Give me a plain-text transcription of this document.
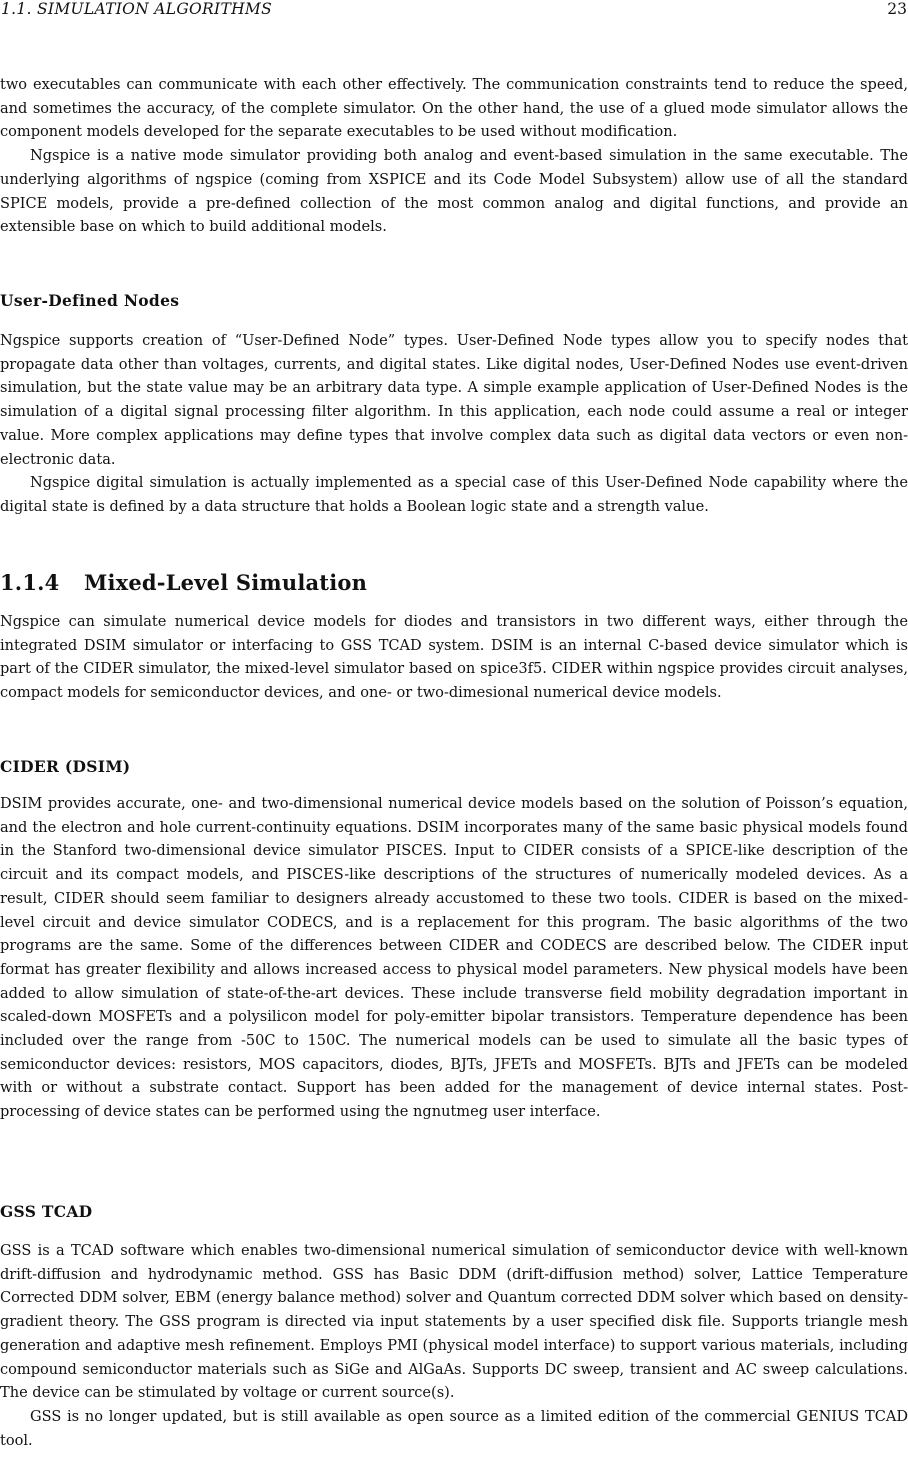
1.1. SIMULATION ALGORITHMS	23

two executables can communicate with each other effectively. The communication constraints tend to reduce the speed, and sometimes the accuracy, of the complete simulator. On the other hand, the use of a glued mode simulator allows the component models developed for the separate executables to be used without modification.

Ngspice is a native mode simulator providing both analog and event-based simulation in the same executable. The underlying algorithms of ngspice (coming from XSPICE and its Code Model Subsystem) allow use of all the standard SPICE models, provide a pre-defined collection of the most common analog and digital functions, and provide an extensible base on which to build additional models.

User-Defined Nodes

Ngspice supports creation of “User-Defined Node” types. User-Defined Node types allow you to specify nodes that propagate data other than voltages, currents, and digital states. Like digital nodes, User-Defined Nodes use event-driven simulation, but the state value may be an arbitrary data type. A simple example application of User-Defined Nodes is the simulation of a digital signal processing filter algorithm. In this application, each node could assume a real or integer value. More complex applications may define types that involve complex data such as digital data vectors or even non-electronic data.

Ngspice digital simulation is actually implemented as a special case of this User-Defined Node capability where the digital state is defined by a data structure that holds a Boolean logic state and a strength value.

1.1.4 Mixed-Level Simulation

Ngspice can simulate numerical device models for diodes and transistors in two different ways, either through the integrated DSIM simulator or interfacing to GSS TCAD system. DSIM is an internal C-based device simulator which is part of the CIDER simulator, the mixed-level simulator based on spice3f5. CIDER within ngspice provides circuit analyses, compact models for semiconductor devices, and one- or two-dimesional numerical device models.

CIDER (DSIM)

DSIM provides accurate, one- and two-dimensional numerical device models based on the solution of Poisson’s equation, and the electron and hole current-continuity equations. DSIM incorporates many of the same basic physical models found in the Stanford two-dimensional device simulator PISCES. Input to CIDER consists of a SPICE-like description of the circuit and its compact models, and PISCES-like descriptions of the structures of numerically modeled devices. As a result, CIDER should seem familiar to designers already accustomed to these two tools. CIDER is based on the mixed-level circuit and device simulator CODECS, and is a replacement for this program. The basic algorithms of the two programs are the same. Some of the differences between CIDER and CODECS are described below. The CIDER input format has greater flexibility and allows increased access to physical model parameters. New physical models have been added to allow simulation of state-of-the-art devices. These include transverse field mobility degradation important in scaled-down MOSFETs and a polysilicon model for poly-emitter bipolar transistors. Temperature dependence has been included over the range from -50C to 150C. The numerical models can be used to simulate all the basic types of semiconductor devices: resistors, MOS capacitors, diodes, BJTs, JFETs and MOSFETs. BJTs and JFETs can be modeled with or without a substrate contact. Support has been added for the management of device internal states. Post-processing of device states can be performed using the ngnutmeg user interface.

GSS TCAD

GSS is a TCAD software which enables two-dimensional numerical simulation of semiconductor device with well-known drift-diffusion and hydrodynamic method. GSS has Basic DDM (drift-diffusion method) solver, Lattice Temperature Corrected DDM solver, EBM (energy balance method) solver and Quantum corrected DDM solver which based on density-gradient theory. The GSS program is directed via input statements by a user specified disk file. Supports triangle mesh generation and adaptive mesh refinement. Employs PMI (physical model interface) to support various materials, including compound semiconductor materials such as SiGe and AlGaAs. Supports DC sweep, transient and AC sweep calculations. The device can be stimulated by voltage or current source(s).

GSS is no longer updated, but is still available as open source as a limited edition of the commercial GENIUS TCAD tool.
